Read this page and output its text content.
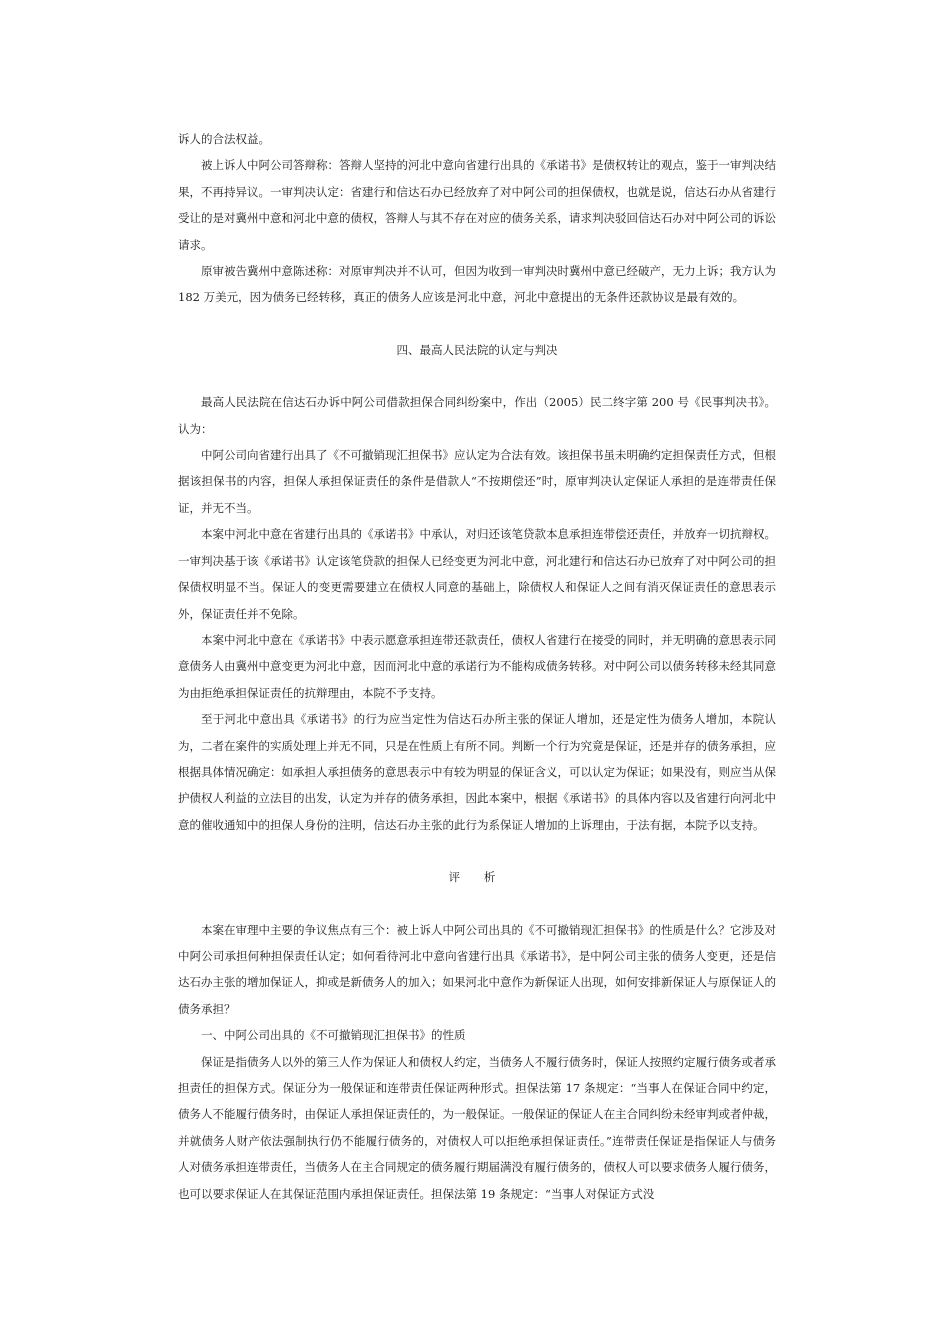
诉人的合法权益。

被上诉人中阿公司答辩称：答辩人坚持的河北中意向省建行出具的《承诺书》是债权转让的观点，鉴于一审判决结果，不再持异议。一审判决认定：省建行和信达石办已经放弃了对中阿公司的担保债权，也就是说，信达石办从省建行受让的是对冀州中意和河北中意的债权，答辩人与其不存在对应的债务关系，请求判决驳回信达石办对中阿公司的诉讼请求。

原审被告冀州中意陈述称：对原审判决并不认可，但因为收到一审判决时冀州中意已经破产，无力上诉；我方认为 182 万美元，因为债务已经转移，真正的债务人应该是河北中意，河北中意提出的无条件还款协议是最有效的。

四、最高人民法院的认定与判决

最高人民法院在信达石办诉中阿公司借款担保合同纠纷案中，作出（2005）民二终字第 200 号《民事判决书》。认为：

中阿公司向省建行出具了《不可撤销现汇担保书》应认定为合法有效。该担保书虽未明确约定担保责任方式，但根据该担保书的内容，担保人承担保证责任的条件是借款人“不按期偿还”时，原审判决认定保证人承担的是连带责任保证，并无不当。

本案中河北中意在省建行出具的《承诺书》中承认，对归还该笔贷款本息承担连带偿还责任，并放弃一切抗辩权。一审判决基于该《承诺书》认定该笔贷款的担保人已经变更为河北中意，河北建行和信达石办已放弃了对中阿公司的担保债权明显不当。保证人的变更需要建立在债权人同意的基础上，除债权人和保证人之间有消灭保证责任的意思表示外，保证责任并不免除。

本案中河北中意在《承诺书》中表示愿意承担连带还款责任，债权人省建行在接受的同时，并无明确的意思表示同意债务人由冀州中意变更为河北中意，因而河北中意的承诺行为不能构成债务转移。对中阿公司以债务转移未经其同意为由拒绝承担保证责任的抗辩理由，本院不予支持。

至于河北中意出具《承诺书》的行为应当定性为信达石办所主张的保证人增加，还是定性为债务人增加，本院认为，二者在案件的实质处理上并无不同，只是在性质上有所不同。判断一个行为究竟是保证，还是并存的债务承担，应根据具体情况确定：如承担人承担债务的意思表示中有较为明显的保证含义，可以认定为保证；如果没有，则应当从保护债权人利益的立法目的出发，认定为并存的债务承担，因此本案中，根据《承诺书》的具体内容以及省建行向河北中意的催收通知中的担保人身份的注明，信达石办主张的此行为系保证人增加的上诉理由，于法有据，本院予以支持。

评 析

本案在审理中主要的争议焦点有三个：被上诉人中阿公司出具的《不可撤销现汇担保书》的性质是什么？它涉及对中阿公司承担何种担保责任认定；如何看待河北中意向省建行出具《承诺书》，是中阿公司主张的债务人变更，还是信达石办主张的增加保证人，抑或是新债务人的加入；如果河北中意作为新保证人出现，如何安排新保证人与原保证人的债务承担？

一、中阿公司出具的《不可撤销现汇担保书》的性质

保证是指债务人以外的第三人作为保证人和债权人约定，当债务人不履行债务时，保证人按照约定履行债务或者承担责任的担保方式。保证分为一般保证和连带责任保证两种形式。担保法第 17 条规定：“当事人在保证合同中约定，债务人不能履行债务时，由保证人承担保证责任的，为一般保证。一般保证的保证人在主合同纠纷未经审判或者仲裁，并就债务人财产依法强制执行仍不能履行债务的，对债权人可以拒绝承担保证责任。”连带责任保证是指保证人与债务人对债务承担连带责任，当债务人在主合同规定的债务履行期届满没有履行债务的，债权人可以要求债务人履行债务，也可以要求保证人在其保证范围内承担保证责任。担保法第 19 条规定：“当事人对保证方式没
